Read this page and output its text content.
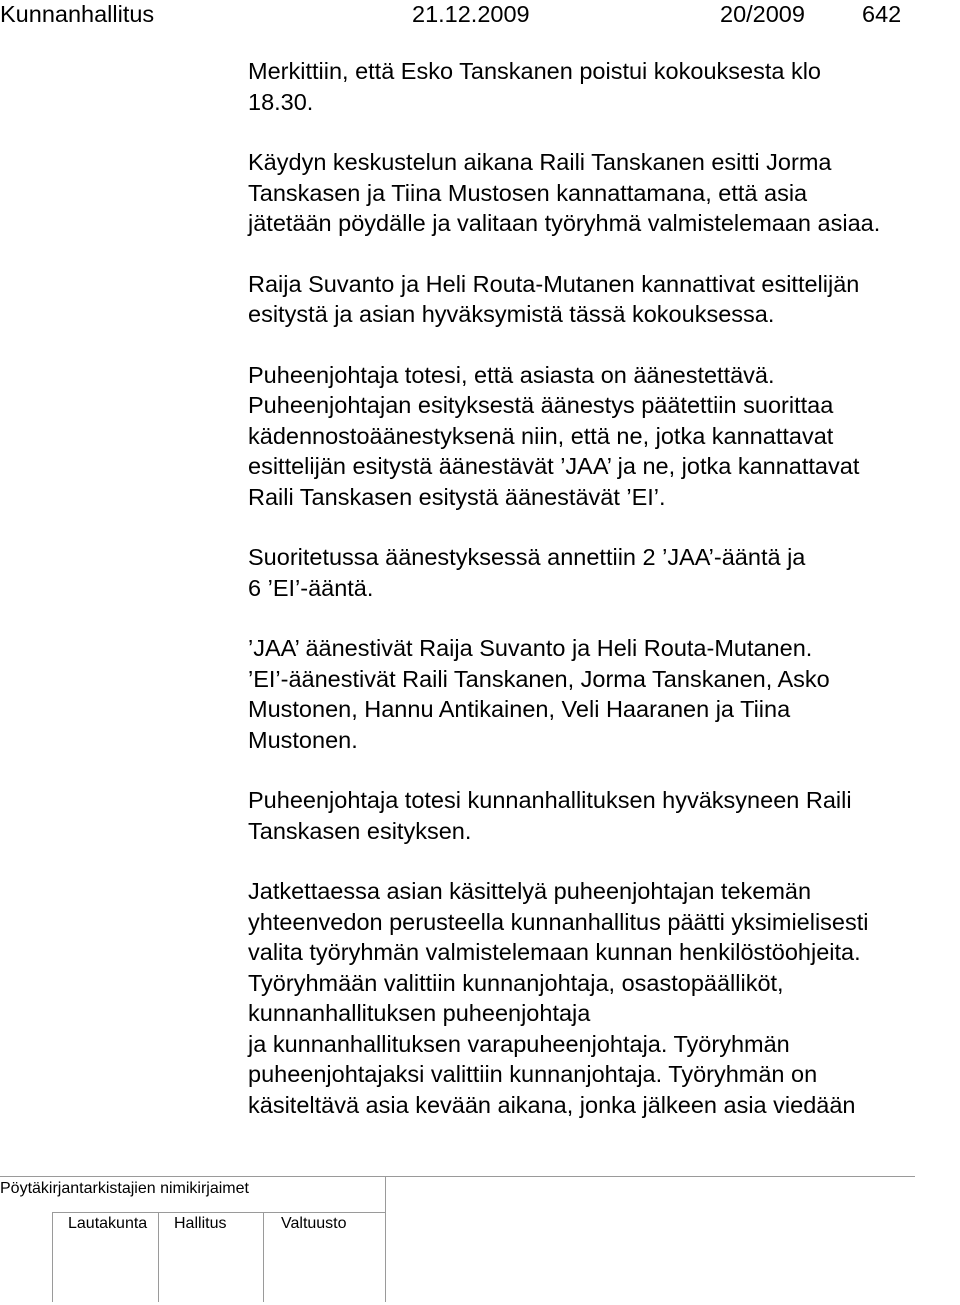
Kunnanhallitus	21.12.2009	20/2009 642

Merkittiin, että Esko Tanskanen poistui kokouksesta klo
18.30.

Käydyn keskustelun aikana Raili Tanskanen esitti Jorma
Tanskasen ja Tiina Mustosen kannattamana, että asia
jätetään pöydälle ja valitaan työryhmä valmistelemaan asiaa.

Raija Suvanto ja Heli Routa-Mutanen kannattivat esittelijän
esitystä ja asian hyväksymistä tässä kokouksessa.

Puheenjohtaja totesi, että asiasta on äänestettävä.
Puheenjohtajan esityksestä äänestys päätettiin suorittaa
kädennostoäänestyksenä niin, että ne, jotka kannattavat
esittelijän esitystä äänestävät ’JAA’ ja ne, jotka kannattavat
Raili Tanskasen esitystä äänestävät ’EI’.

Suoritetussa äänestyksessä annettiin 2 ’JAA’-ääntä ja
6 ’EI’-ääntä.

’JAA’ äänestivät Raija Suvanto ja Heli Routa-Mutanen.
’EI’-äänestivät Raili Tanskanen, Jorma Tanskanen, Asko
Mustonen, Hannu Antikainen, Veli Haaranen ja Tiina
Mustonen.

Puheenjohtaja totesi kunnanhallituksen hyväksyneen Raili
Tanskasen esityksen.

Jatkettaessa asian käsittelyä puheenjohtajan tekemän
yhteenvedon perusteella kunnanhallitus päätti yksimielisesti
valita työryhmän valmistelemaan kunnan henkilöstöohjeita.
Työryhmään valittiin kunnanjohtaja, osastopäälliköt,
kunnanhallituksen puheenjohtaja
ja kunnanhallituksen varapuheenjohtaja. Työryhmän
puheenjohtajaksi valittiin kunnanjohtaja. Työryhmän on
käsiteltävä asia kevään aikana, jonka jälkeen asia viedään

Pöytäkirjantarkistajien nimikirjaimet
Lautakunta Hallitus	Valtuusto
